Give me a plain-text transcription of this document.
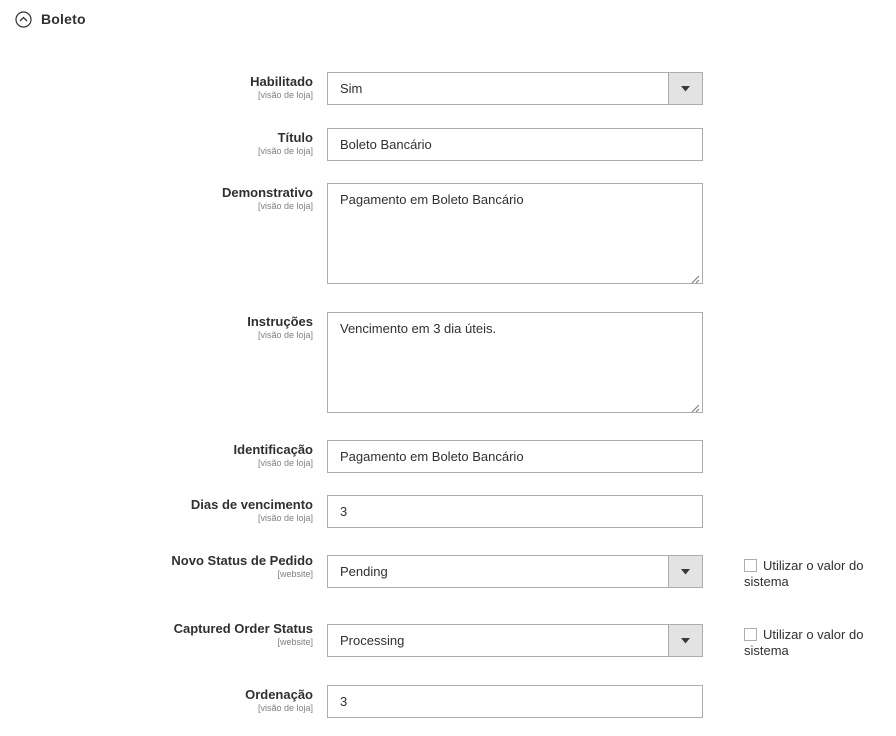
Boleto
Habilitado
[visão de loja] Sim
Título
[visão de loja] Boleto Bancário
Demonstrativo
[visão de loja]	Pagamento em Boleto Bancário
Instruções
[visão de loja]	Vencimento em 3 dia úteis.
Identificação
[visão de loja] Pagamento em Boleto Bancário
Dias de vencimento
[visão de loja] 3
Novo Status de Pedido
[website] Pending	Utilizar o valor do sistema
Captured Order Status
[website] Processing	Utilizar o valor do sistema
Ordenação
[visão de loja] 3
